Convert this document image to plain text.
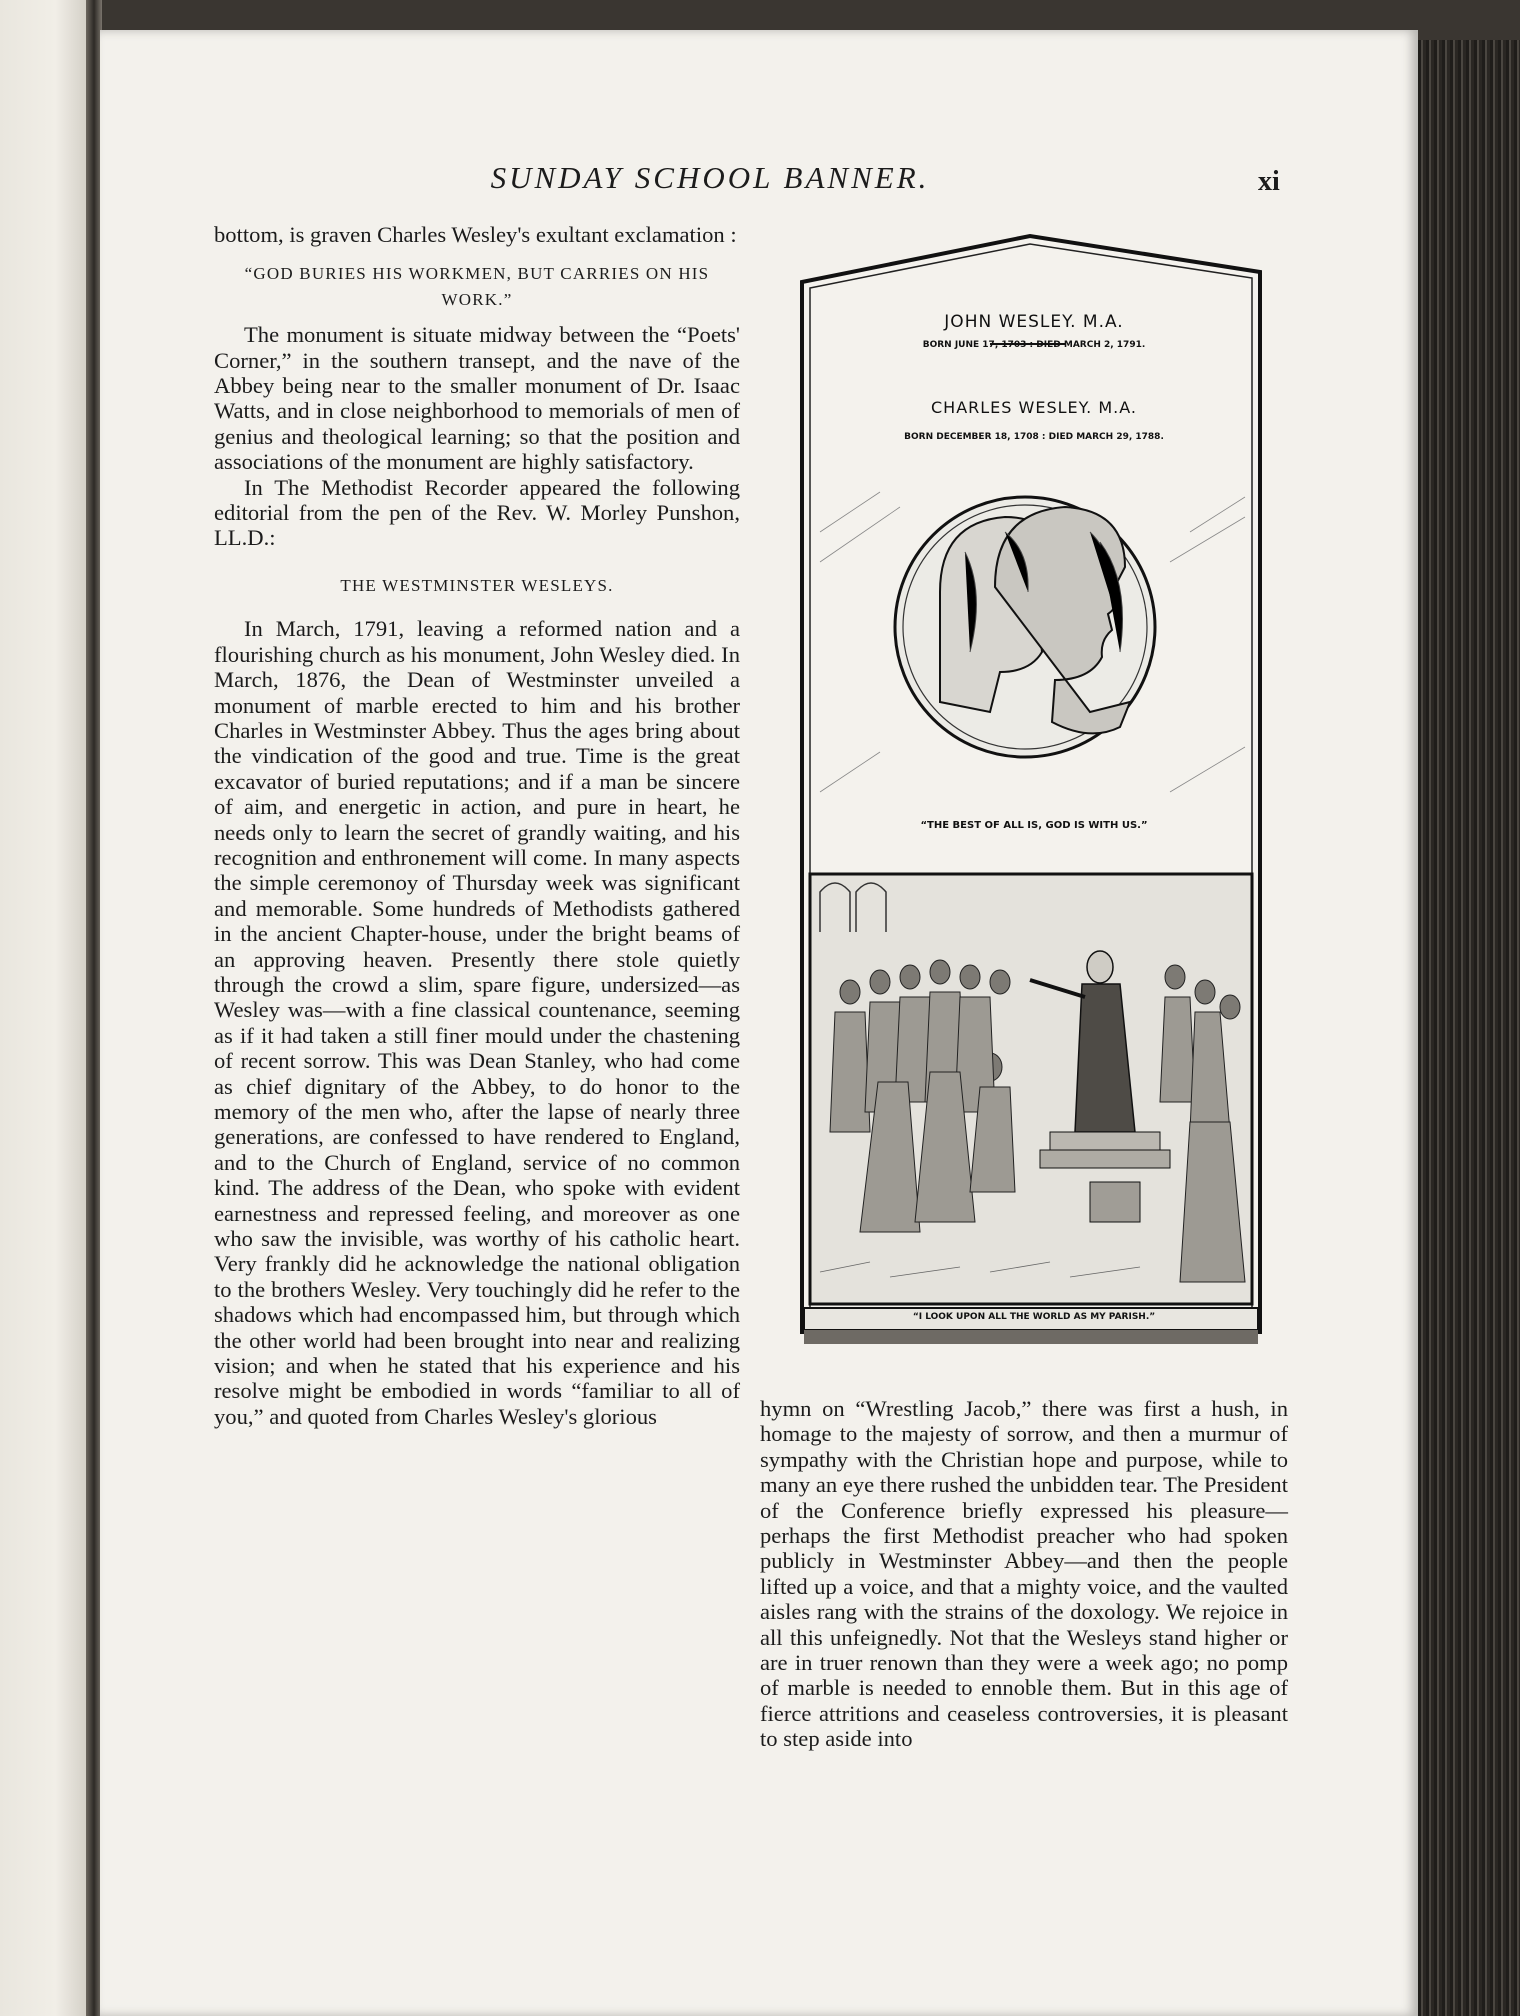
SUNDAY SCHOOL BANNER.	xi

bottom, is graven Charles Wesley's exultant exclamation :

“GOD BURIES HIS WORKMEN, BUT CARRIES ON HIS WORK.”

The monument is situate midway between the “Poets' Corner,” in the southern transept, and the nave of the Abbey being near to the smaller monument of Dr. Isaac Watts, and in close neighborhood to memorials of men of genius and theological learning; so that the position and associations of the monument are highly satisfactory.

In The Methodist Recorder appeared the following editorial from the pen of the Rev. W. Morley Punshon, LL.D.:

THE WESTMINSTER WESLEYS.

In March, 1791, leaving a reformed nation and a flourishing church as his monument, John Wesley died. In March, 1876, the Dean of Westminster unveiled a monument of marble erected to him and his brother Charles in Westminster Abbey. Thus the ages bring about the vindication of the good and true. Time is the great excavator of buried reputations; and if a man be sincere of aim, and energetic in action, and pure in heart, he needs only to learn the secret of grandly waiting, and his recognition and enthronement will come. In many aspects the simple ceremonoy of Thursday week was significant and memorable. Some hundreds of Methodists gathered in the ancient Chapter-house, under the bright beams of an approving heaven. Presently there stole quietly through the crowd a slim, spare figure, undersized—as Wesley was—with a fine classical countenance, seeming as if it had taken a still finer mould under the chastening of recent sorrow. This was Dean Stanley, who had come as chief dignitary of the Abbey, to do honor to the memory of the men who, after the lapse of nearly three generations, are confessed to have rendered to England, and to the Church of England, service of no common kind. The address of the Dean, who spoke with evident earnestness and repressed feeling, and moreover as one who saw the invisible, was worthy of his catholic heart. Very frankly did he acknowledge the national obligation to the brothers Wesley. Very touchingly did he refer to the shadows which had encompassed him, but through which the other world had been brought into near and realizing vision; and when he stated that his experience and his resolve might be embodied in words “familiar to all of you,” and quoted from Charles Wesley's glorious

JOHN WESLEY. M.A.
BORN JUNE 17, 1703 : DIED MARCH 2, 1791.
CHARLES WESLEY. M.A.
BORN DECEMBER 18, 1708 : DIED MARCH 29, 1788.
“THE BEST OF ALL IS, GOD IS WITH US.”
“I LOOK UPON ALL THE WORLD AS MY PARISH.”

hymn on “Wrestling Jacob,” there was first a hush, in homage to the majesty of sorrow, and then a murmur of sympathy with the Christian hope and purpose, while to many an eye there rushed the unbidden tear. The President of the Conference briefly expressed his pleasure—perhaps the first Methodist preacher who had spoken publicly in Westminster Abbey—and then the people lifted up a voice, and that a mighty voice, and the vaulted aisles rang with the strains of the doxology. We rejoice in all this unfeignedly. Not that the Wesleys stand higher or are in truer renown than they were a week ago; no pomp of marble is needed to ennoble them. But in this age of fierce attritions and ceaseless controversies, it is pleasant to step aside into
